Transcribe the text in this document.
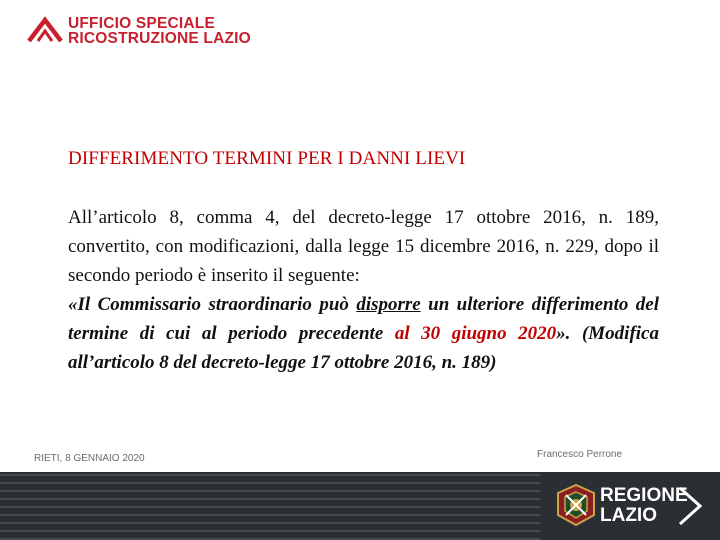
UFFICIO SPECIALE
RICOSTRUZIONE LAZIO
DIFFERIMENTO TERMINI PER I DANNI LIEVI

All’articolo 8, comma 4, del decreto-legge 17 ottobre 2016, n. 189, convertito, con modificazioni, dalla legge 15 dicembre 2016, n. 229, dopo il secondo periodo è inserito il seguente:

«Il Commissario straordinario può disporre un ulteriore differimento del termine di cui al periodo precedente al 30 giugno 2020». (Modifica all’articolo 8 del decreto-legge 17 ottobre 2016, n. 189)

RIETI, 8 GENNAIO 2020	Francesco Perrone
REGIONE
LAZIO
